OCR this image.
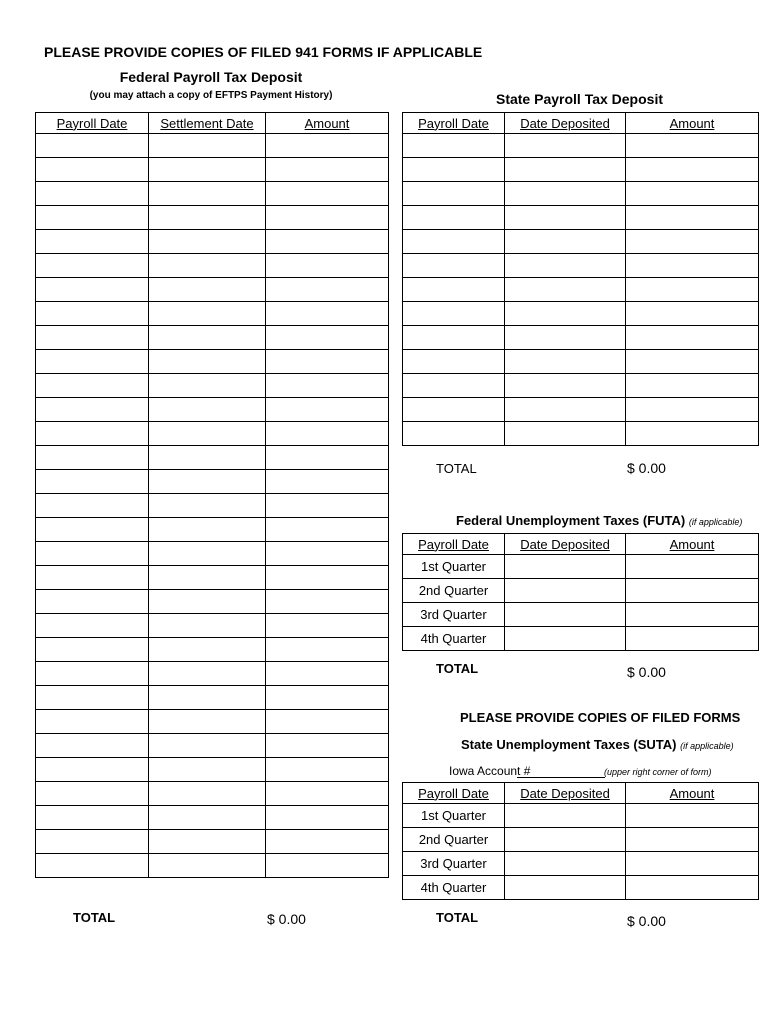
PLEASE PROVIDE COPIES OF FILED 941 FORMS IF APPLICABLE
Federal Payroll Tax Deposit
(you may attach a copy of EFTPS Payment History)	State Payroll Tax Deposit
Payroll Date	Settlement Date	Amount

TOTAL	$ 0.00
Payroll Date	Date Deposited	Amount

TOTAL	$ 0.00
Federal Unemployment Taxes (FUTA) (if applicable)
Payroll Date	Date Deposited	Amount
1st Quarter		
2nd Quarter		
3rd Quarter		
4th Quarter		
TOTAL	$ 0.00
PLEASE PROVIDE COPIES OF FILED FORMS
State Unemployment Taxes (SUTA) (if applicable)
Iowa Account #	(upper right corner of form)
Payroll Date	Date Deposited	Amount
1st Quarter		
2nd Quarter		
3rd Quarter		
4th Quarter		
TOTAL	$ 0.00
